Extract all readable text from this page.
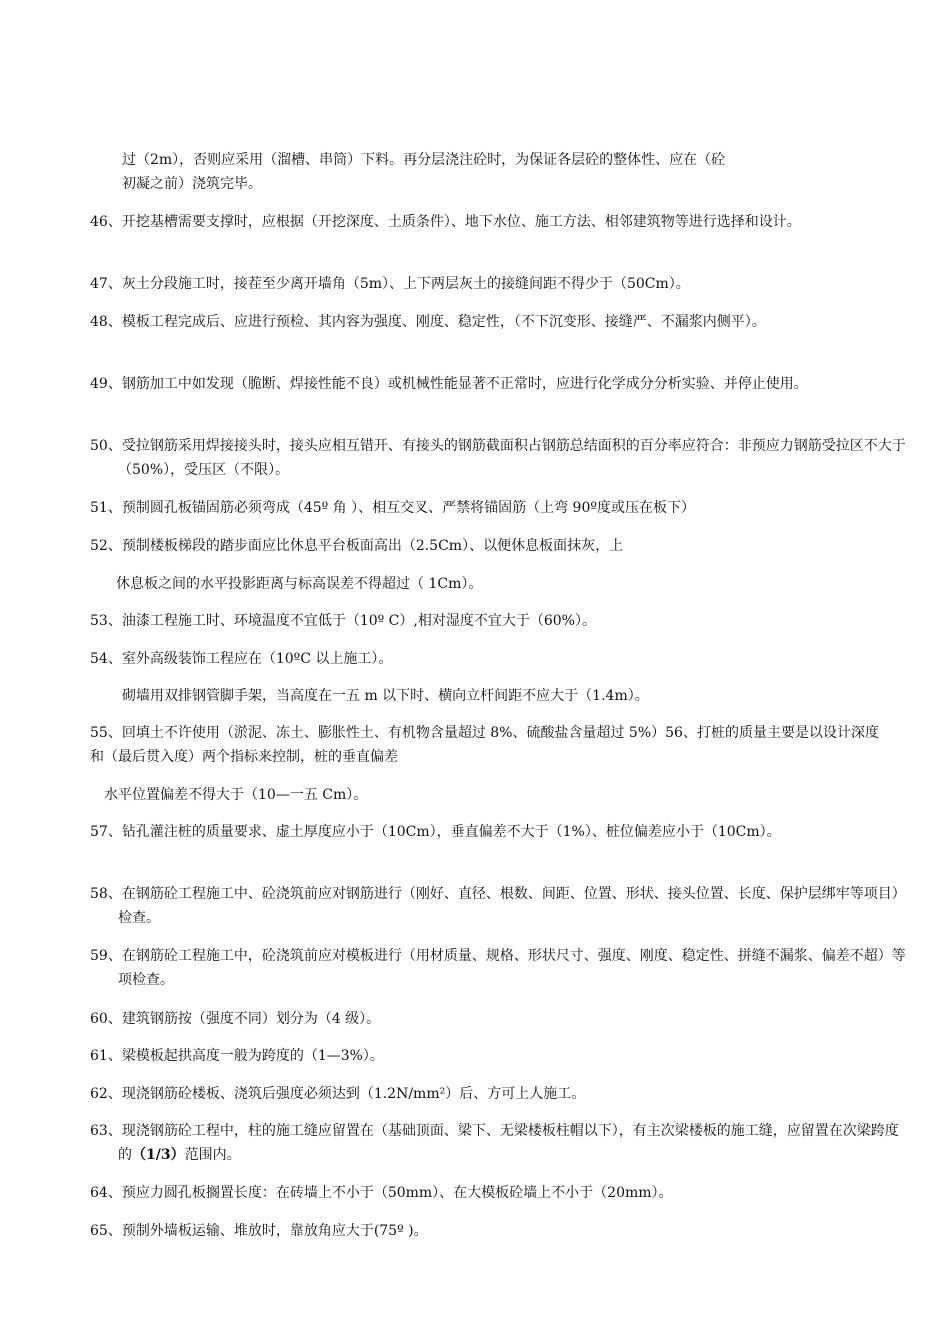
过（2m），否则应采用（溜槽、串筒）下料。再分层浇注砼时，为保证各层砼的整体性、应在（砼
初凝之前）浇筑完毕。
46、开挖基槽需要支撑时，应根据（开挖深度、土质条件）、地下水位、施工方法、相邻建筑物等进行选择和设计。
47、灰土分段施工时，接茬至少离开墙角（5m）、上下两层灰土的接缝间距不得少于（50Cm）。
48、模板工程完成后、应进行预检、其内容为强度、刚度、稳定性，（不下沉变形、接缝严、不漏浆内侧平）。
49、钢筋加工中如发现（脆断、焊接性能不良）或机械性能显著不正常时，应进行化学成分分析实验、并停止使用。
50、受拉钢筋采用焊接接头时，接头应相互错开、有接头的钢筋截面积占钢筋总结面积的百分率应符合：非预应力钢筋受拉区不大于（50%），受压区（不限）。
51、预制圆孔板锚固筋必须弯成（45º 角 ）、相互交叉、严禁将锚固筋（上弯 90º度或压在板下）
52、预制楼板梯段的踏步面应比休息平台板面高出（2.5Cm）、以便休息板面抹灰，上
休息板之间的水平投影距离与标高误差不得超过（ 1Cm）。
53、油漆工程施工时、环境温度不宜低于（10º C）,相对湿度不宜大于（60%）。
54、室外高级装饰工程应在（10ºC 以上施工）。
砌墙用双排钢管脚手架，当高度在一五 m 以下时、横向立杆间距不应大于（1.4m）。
55、回填土不许使用（淤泥、冻土、膨胀性土、有机物含量超过 8%、硫酸盐含量超过 5%）56、打桩的质量主要是以设计深度和（最后贯入度）两个指标来控制，桩的垂直偏差
水平位置偏差不得大于（10—一五 Cm）。
57、钻孔灌注桩的质量要求、虚土厚度应小于（10Cm），垂直偏差不大于（1%）、桩位偏差应小于（10Cm）。
58、在钢筋砼工程施工中、砼浇筑前应对钢筋进行（刚好、直径、根数、间距、位置、形状、接头位置、长度、保护层绑牢等项目）检查。
59、在钢筋砼工程施工中，砼浇筑前应对模板进行（用材质量、规格、形状尺寸、强度、刚度、稳定性、拼缝不漏浆、偏差不超）等项检查。
60、建筑钢筋按（强度不同）划分为（4 级）。
61、梁模板起拱高度一般为跨度的（1—3%）。
62、现浇钢筋砼楼板、浇筑后强度必须达到（1.2N/mm²）后、方可上人施工。
63、现浇钢筋砼工程中，柱的施工缝应留置在（基础顶面、梁下、无梁楼板柱帽以下），有主次梁楼板的施工缝，应留置在次梁跨度的（1/3）范围内。
64、预应力圆孔板搁置长度：在砖墙上不小于（50mm）、在大模板砼墙上不小于（20mm）。
65、预制外墙板运输、堆放时，靠放角应大于(75º )。
